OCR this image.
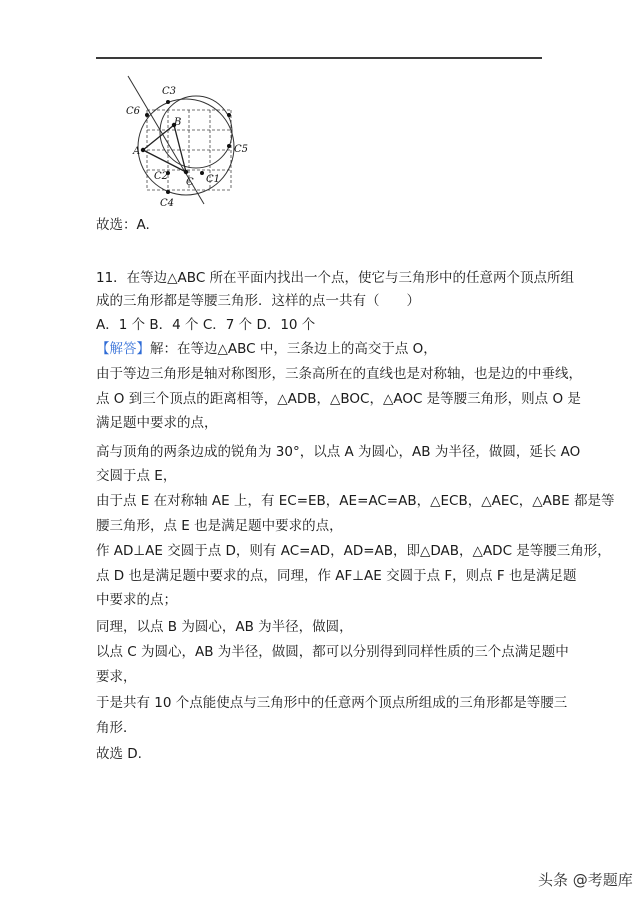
C3
C6
B
A	C5
C2
C C1
C4
故选：A.
11．在等边△ABC 所在平面内找出一个点，使它与三角形中的任意两个顶点所组
成的三角形都是等腰三角形．这样的点一共有（　　）
A．1 个 B．4 个 C．7 个 D．10 个
【解答】解：在等边△ABC 中，三条边上的高交于点 O，
由于等边三角形是轴对称图形，三条高所在的直线也是对称轴，也是边的中垂线，
点 O 到三个顶点的距离相等，△ADB，△BOC，△AOC 是等腰三角形，则点 O 是
满足题中要求的点，
高与顶角的两条边成的锐角为 30°，以点 A 为圆心，AB 为半径，做圆，延长 AO
交圆于点 E，
由于点 E 在对称轴 AE 上，有 EC=EB，AE=AC=AB，△ECB，△AEC，△ABE 都是等
腰三角形，点 E 也是满足题中要求的点，
作 AD⊥AE 交圆于点 D，则有 AC=AD，AD=AB，即△DAB，△ADC 是等腰三角形，
点 D 也是满足题中要求的点，同理，作 AF⊥AE 交圆于点 F，则点 F 也是满足题
中要求的点；
同理，以点 B 为圆心，AB 为半径，做圆，
以点 C 为圆心，AB 为半径，做圆，都可以分别得到同样性质的三个点满足题中
要求，
于是共有 10 个点能使点与三角形中的任意两个顶点所组成的三角形都是等腰三
角形．
故选 D.
头条 @考题库
